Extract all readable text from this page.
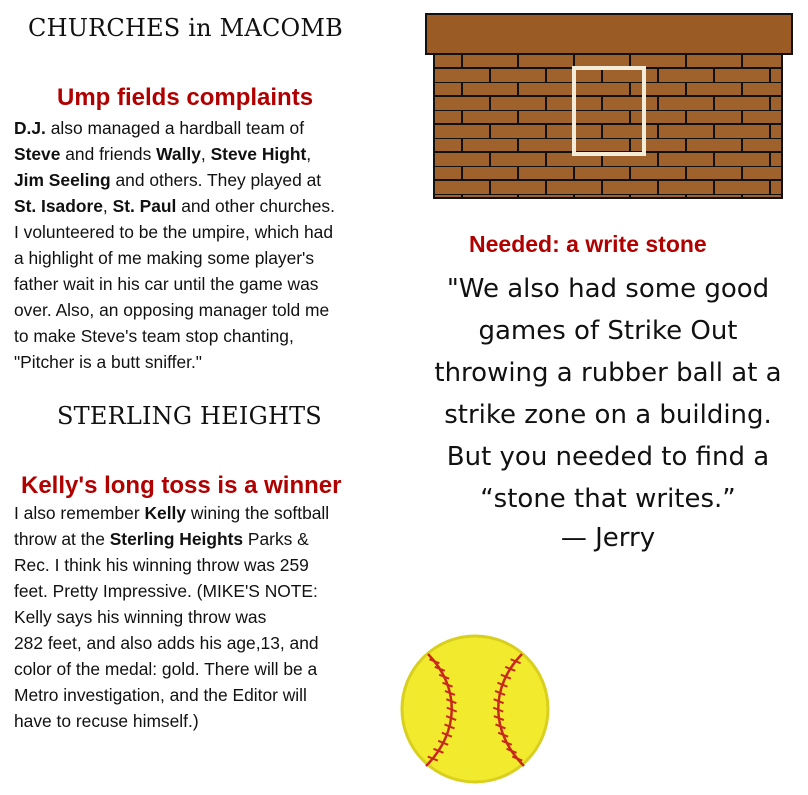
CHURCHES in MACOMB
Ump fields complaints
D.J. also managed a hardball team of
Steve and friends Wally, Steve Hight,
Jim Seeling and others. They played at
St. Isadore, St. Paul and other churches.
I volunteered to be the umpire, which had
a highlight of me making some player's
father wait in his car until the game was
over. Also, an opposing manager told me
to make Steve's team stop chanting,
"Pitcher is a butt sniffer."
STERLING HEIGHTS
Kelly's long toss is a winner
I also remember Kelly wining the softball
throw at the Sterling Heights Parks &
Rec. I think his winning throw was 259
feet. Pretty Impressive. (MIKE'S NOTE:
Kelly says his winning throw was
282 feet, and also adds his age,13, and
color of the medal: gold. There will be a
Metro investigation, and the Editor will
have to recuse himself.)
Needed: a write stone
"We also had some good
games of Strike Out
throwing a rubber ball at a
strike zone on a building.
But you needed to find a
“stone that writes.”
— Jerry
